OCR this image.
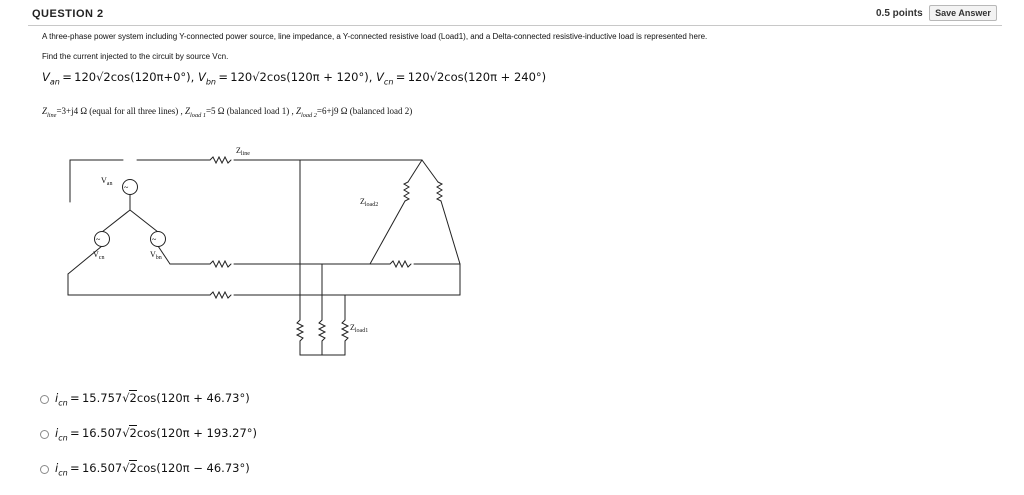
QUESTION 2	0.5 points	Save Answer
A three-phase power system including Y-connected power source, line impedance, a Y-connected resistive load (Load1), and a Delta-connected resistive-inductive load is represented here.
Find the current injected to the circuit by source Vcn.
$V_{an} = 120√2\cos(120\pi+0^\circ)$, $V_{bn} = 120√2\cos(120\pi + 120^\circ)$, $V_{cn} = 120√2\cos(120\pi + 240^\circ)$
$Z_{line}=3+j4$ Ω (equal for all three lines) , $Z_{load 1}=5$ Ω (balanced load 1) , $Z_{load 2}=6+j9$ Ω (balanced load 2)
~
~	~
$Z_{line}$
$Z_{load2}$
$Z_{load1}$
$V_{an}$
$V_{cn}$	$V_{bn}$
$i_{cn} = 15.757√2\cos(120\pi + 46.73^\circ)$
$i_{cn} = 16.507√2\cos(120\pi + 193.27^\circ)$
$i_{cn} = 16.507√2\cos(120\pi - 46.73^\circ)$
